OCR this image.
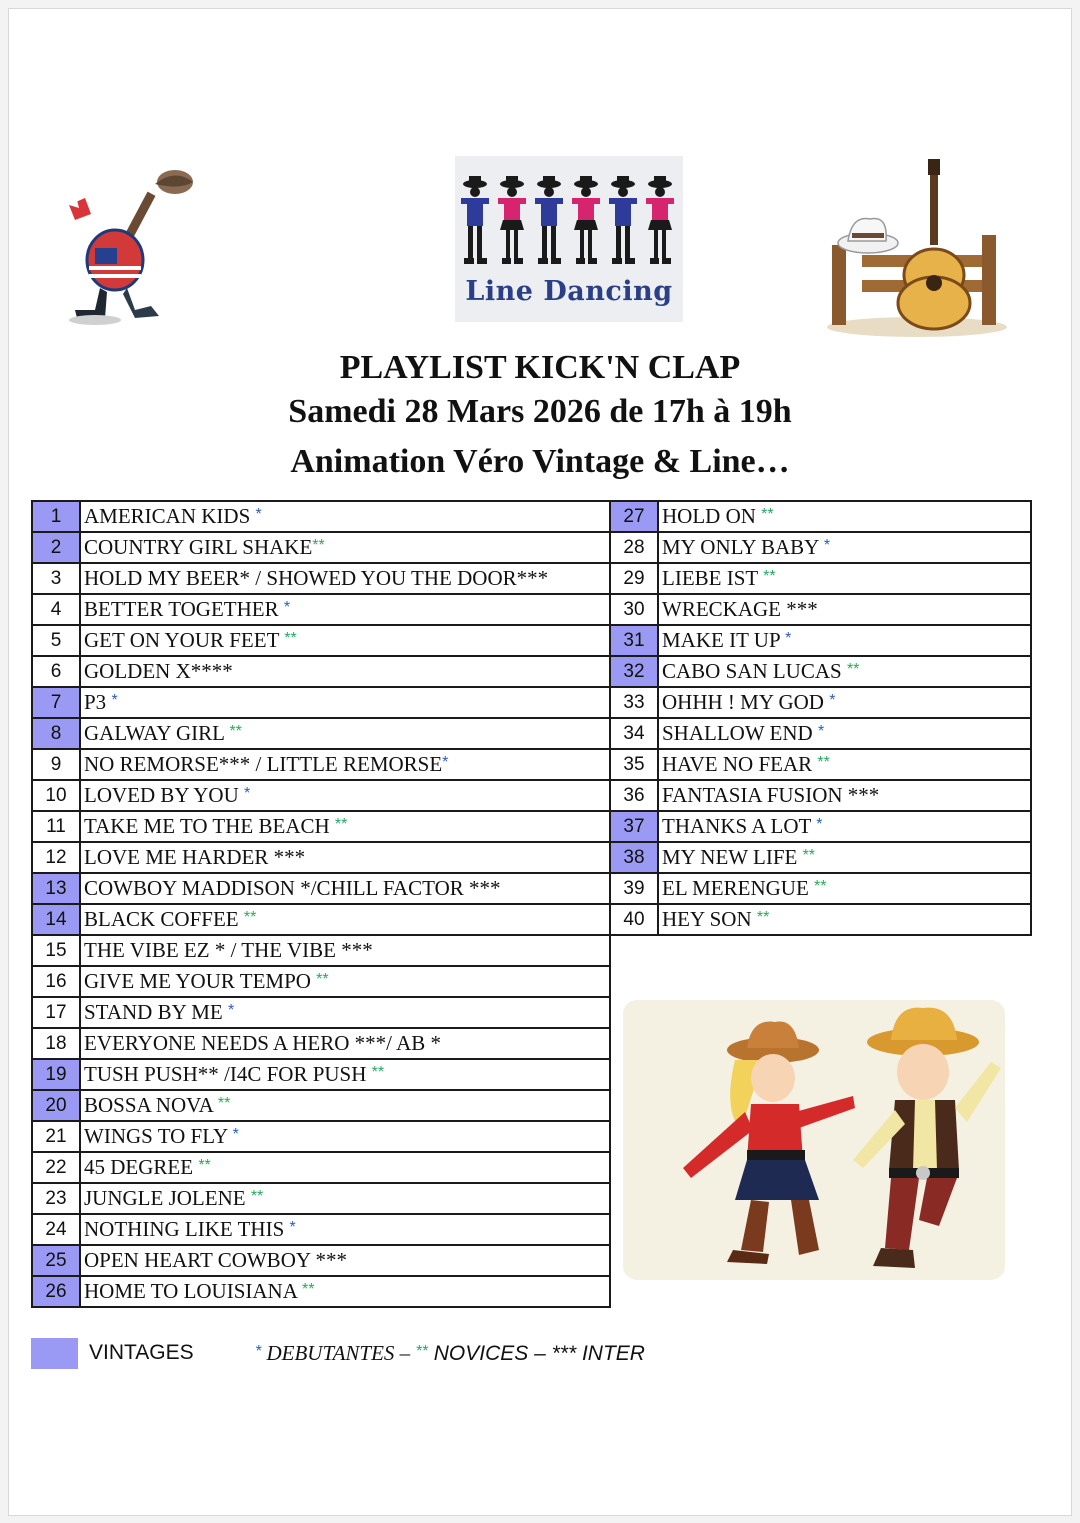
Line Dancing
PLAYLIST KICK'N CLAP
Samedi 28 Mars 2026 de 17h à 19h
Animation Véro Vintage & Line…
1	AMERICAN KIDS *
2	COUNTRY GIRL SHAKE**
3	HOLD MY BEER* / SHOWED YOU THE DOOR***
4	BETTER TOGETHER *
5	GET ON YOUR FEET **
6	GOLDEN X****
7	P3 *
8	GALWAY GIRL **
9	NO REMORSE*** / LITTLE REMORSE*
10	LOVED BY YOU *
11	TAKE ME TO THE BEACH **
12	LOVE ME HARDER ***
13	COWBOY MADDISON */CHILL FACTOR ***
14	BLACK COFFEE **
15	THE VIBE EZ * / THE VIBE ***
16	GIVE ME YOUR TEMPO **
17	STAND BY ME *
18	EVERYONE NEEDS A HERO ***/ AB *
19	TUSH PUSH** /I4C FOR PUSH **
20	BOSSA NOVA **
21	WINGS TO FLY *
22	45 DEGREE **
23	JUNGLE JOLENE **
24	NOTHING LIKE THIS *
25	OPEN HEART COWBOY ***
26	HOME TO LOUISIANA **
27	HOLD ON **
28	MY ONLY BABY *
29	LIEBE IST **
30	WRECKAGE ***
31	MAKE IT UP *
32	CABO SAN LUCAS **
33	OHHH ! MY GOD *
34	SHALLOW END *
35	HAVE NO FEAR **
36	FANTASIA FUSION ***
37	THANKS A LOT *
38	MY NEW LIFE **
39	EL MERENGUE **
40	HEY SON **
VINTAGES	* DEBUTANTES – ** NOVICES – *** INTER
